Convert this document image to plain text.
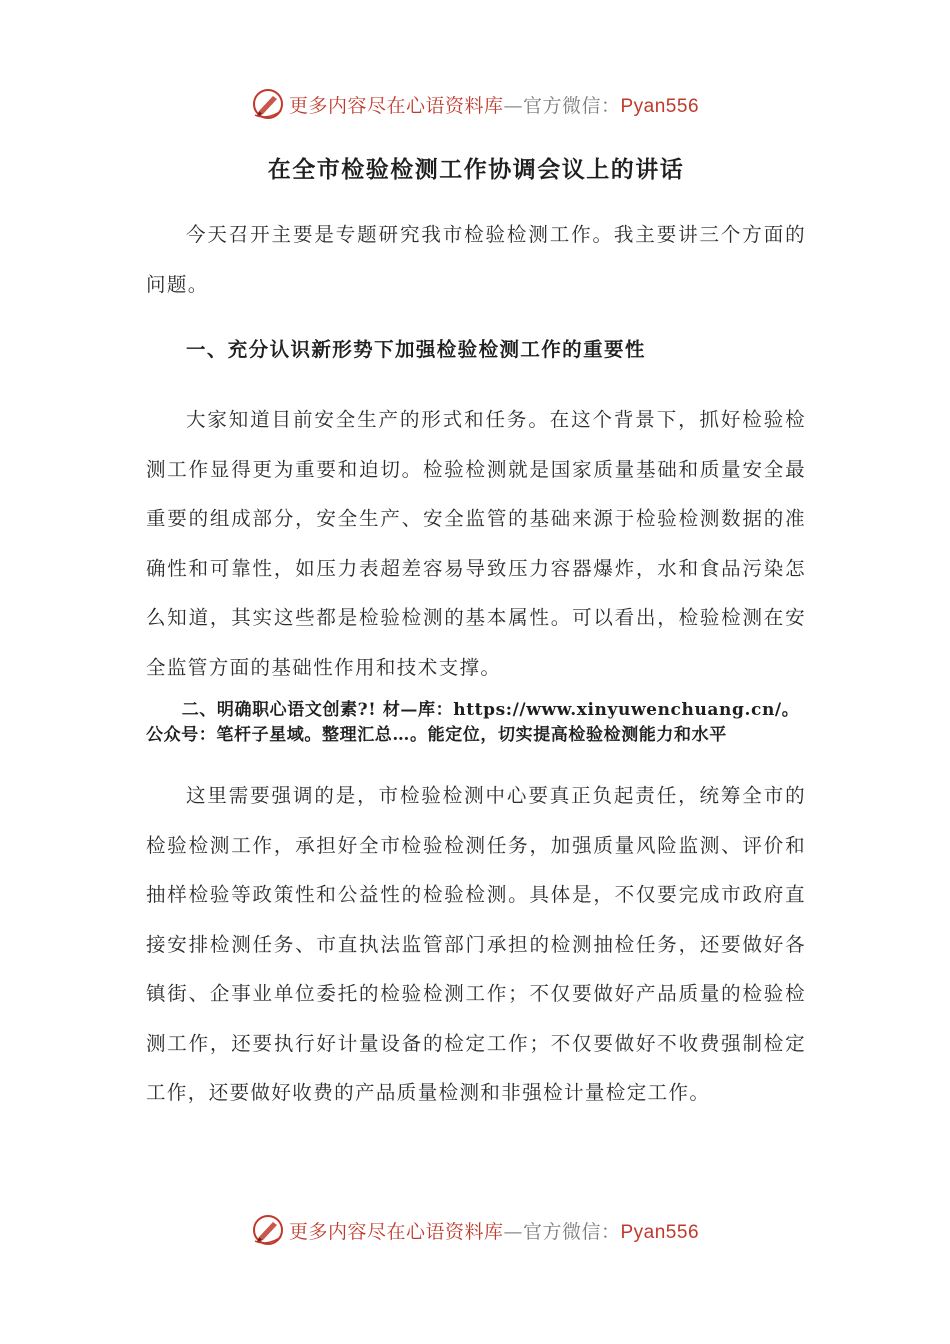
更多内容尽在心语资料库—官方微信：Pyan556
在全市检验检测工作协调会议上的讲话

今天召开主要是专题研究我市检验检测工作。我主要讲三个方面的问题。

一、充分认识新形势下加强检验检测工作的重要性

大家知道目前安全生产的形式和任务。在这个背景下，抓好检验检测工作显得更为重要和迫切。检验检测就是国家质量基础和质量安全最重要的组成部分，安全生产、安全监管的基础来源于检验检测数据的准确性和可靠性，如压力表超差容易导致压力容器爆炸，水和食品污染怎么知道，其实这些都是检验检测的基本属性。可以看出，检验检测在安全监管方面的基础性作用和技术支撑。

二、明确职心语文创素?! 材—库：https://www.xinyuwenchuang.cn/。公众号：笔杆子星域。整理汇总…。能定位，切实提高检验检测能力和水平

这里需要强调的是，市检验检测中心要真正负起责任，统筹全市的检验检测工作，承担好全市检验检测任务，加强质量风险监测、评价和抽样检验等政策性和公益性的检验检测。具体是，不仅要完成市政府直接安排检测任务、市直执法监管部门承担的检测抽检任务，还要做好各镇街、企事业单位委托的检验检测工作；不仅要做好产品质量的检验检测工作，还要执行好计量设备的检定工作；不仅要做好不收费强制检定工作，还要做好收费的产品质量检测和非强检计量检定工作。

更多内容尽在心语资料库—官方微信：Pyan556
